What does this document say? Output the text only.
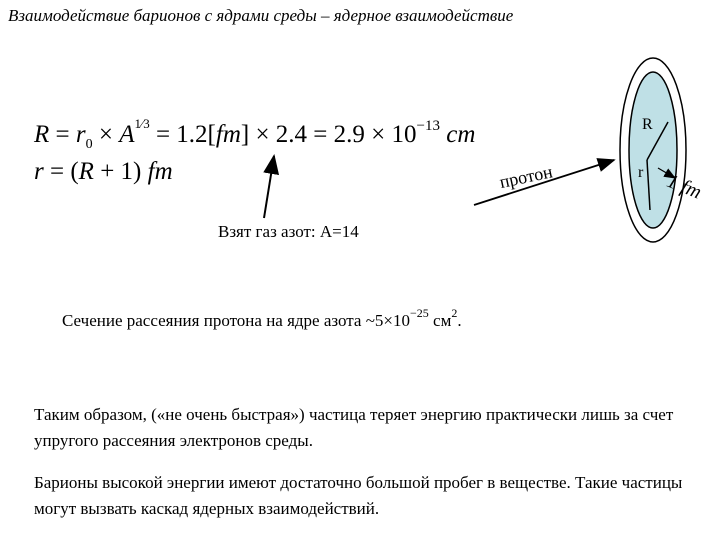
Взаимодействие барионов с ядрами среды – ядерное взаимодействие
$R = r_0 \times A^{1⁄3} = 1.2[fm] \times 2.4 = 2.9 \times 10^{-13}$ cm
r = (R + 1) fm
Взят газ азот: А=14
Сечение рассеяния протона на ядре азота $\sim 5\times 10^{-25}$ $см^2$.
Таким образом, («не очень быстрая») частица теряет энергию практически лишь за счет упругого рассеяния электронов среды.
Барионы высокой энергии имеют достаточно большой пробег в веществе. Такие частицы могут вызвать каскад ядерных взаимодействий.
протон
R
r 1 fm
